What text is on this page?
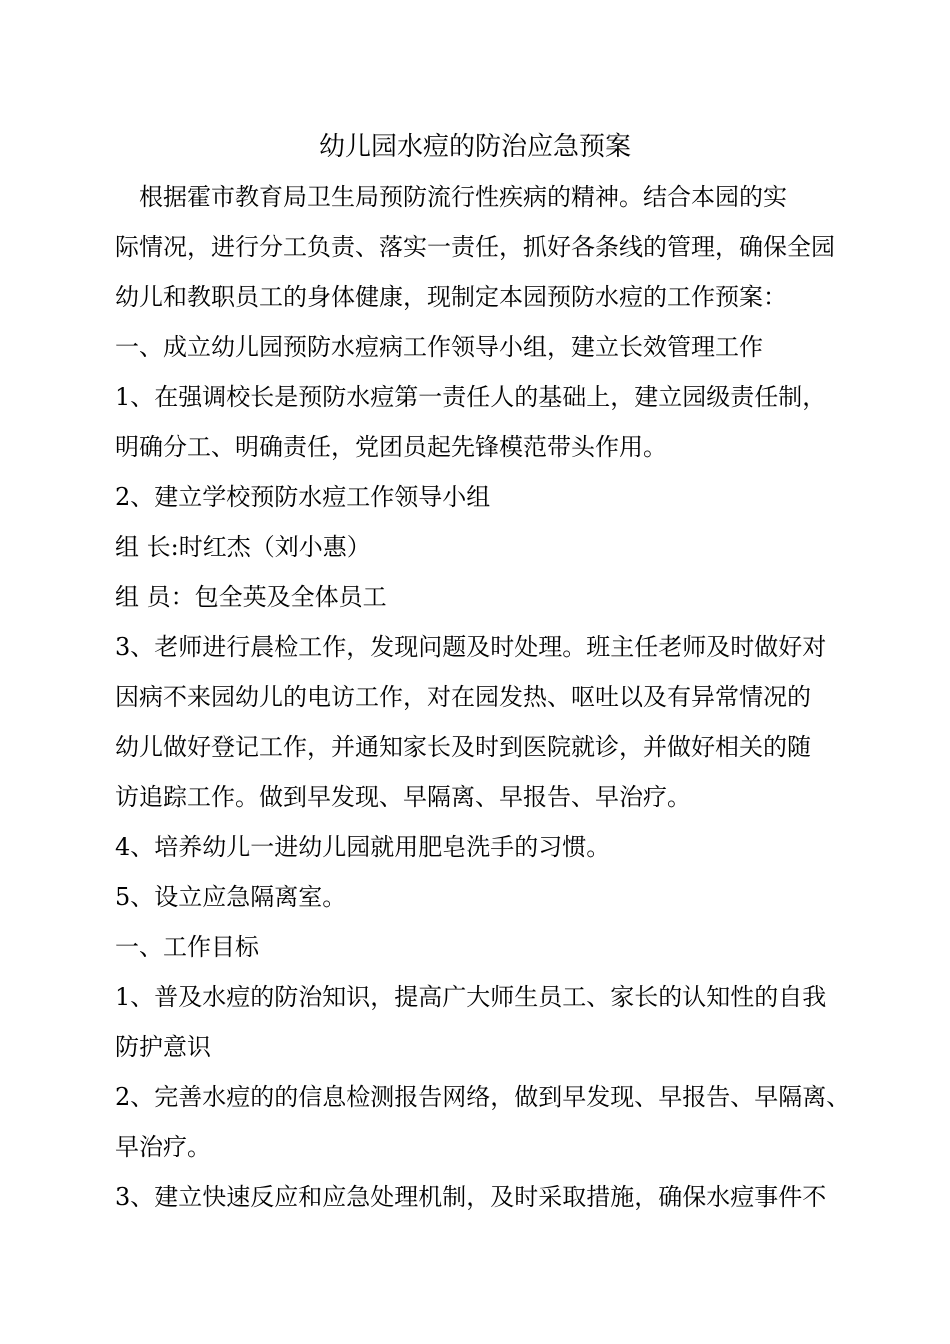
幼儿园水痘的防治应急预案
根据霍市教育局卫生局预防流行性疾病的精神。结合本园的实
际情况，进行分工负责、落实一责任，抓好各条线的管理，确保全园
幼儿和教职员工的身体健康，现制定本园预防水痘的工作预案：
一、成立幼儿园预防水痘病工作领导小组，建立长效管理工作
1、在强调校长是预防水痘第一责任人的基础上，建立园级责任制，
明确分工、明确责任，党团员起先锋模范带头作用。
2、建立学校预防水痘工作领导小组
组 长:时红杰（刘小惠）
组 员：包全英及全体员工
3、老师进行晨检工作，发现问题及时处理。班主任老师及时做好对
因病不来园幼儿的电访工作，对在园发热、呕吐以及有异常情况的
幼儿做好登记工作，并通知家长及时到医院就诊，并做好相关的随
访追踪工作。做到早发现、早隔离、早报告、早治疗。
4、培养幼儿一进幼儿园就用肥皂洗手的习惯。
5、设立应急隔离室。
一、工作目标
1、普及水痘的防治知识，提高广大师生员工、家长的认知性的自我
防护意识
2、完善水痘的的信息检测报告网络，做到早发现、早报告、早隔离、
早治疗。
3、建立快速反应和应急处理机制，及时采取措施，确保水痘事件不
